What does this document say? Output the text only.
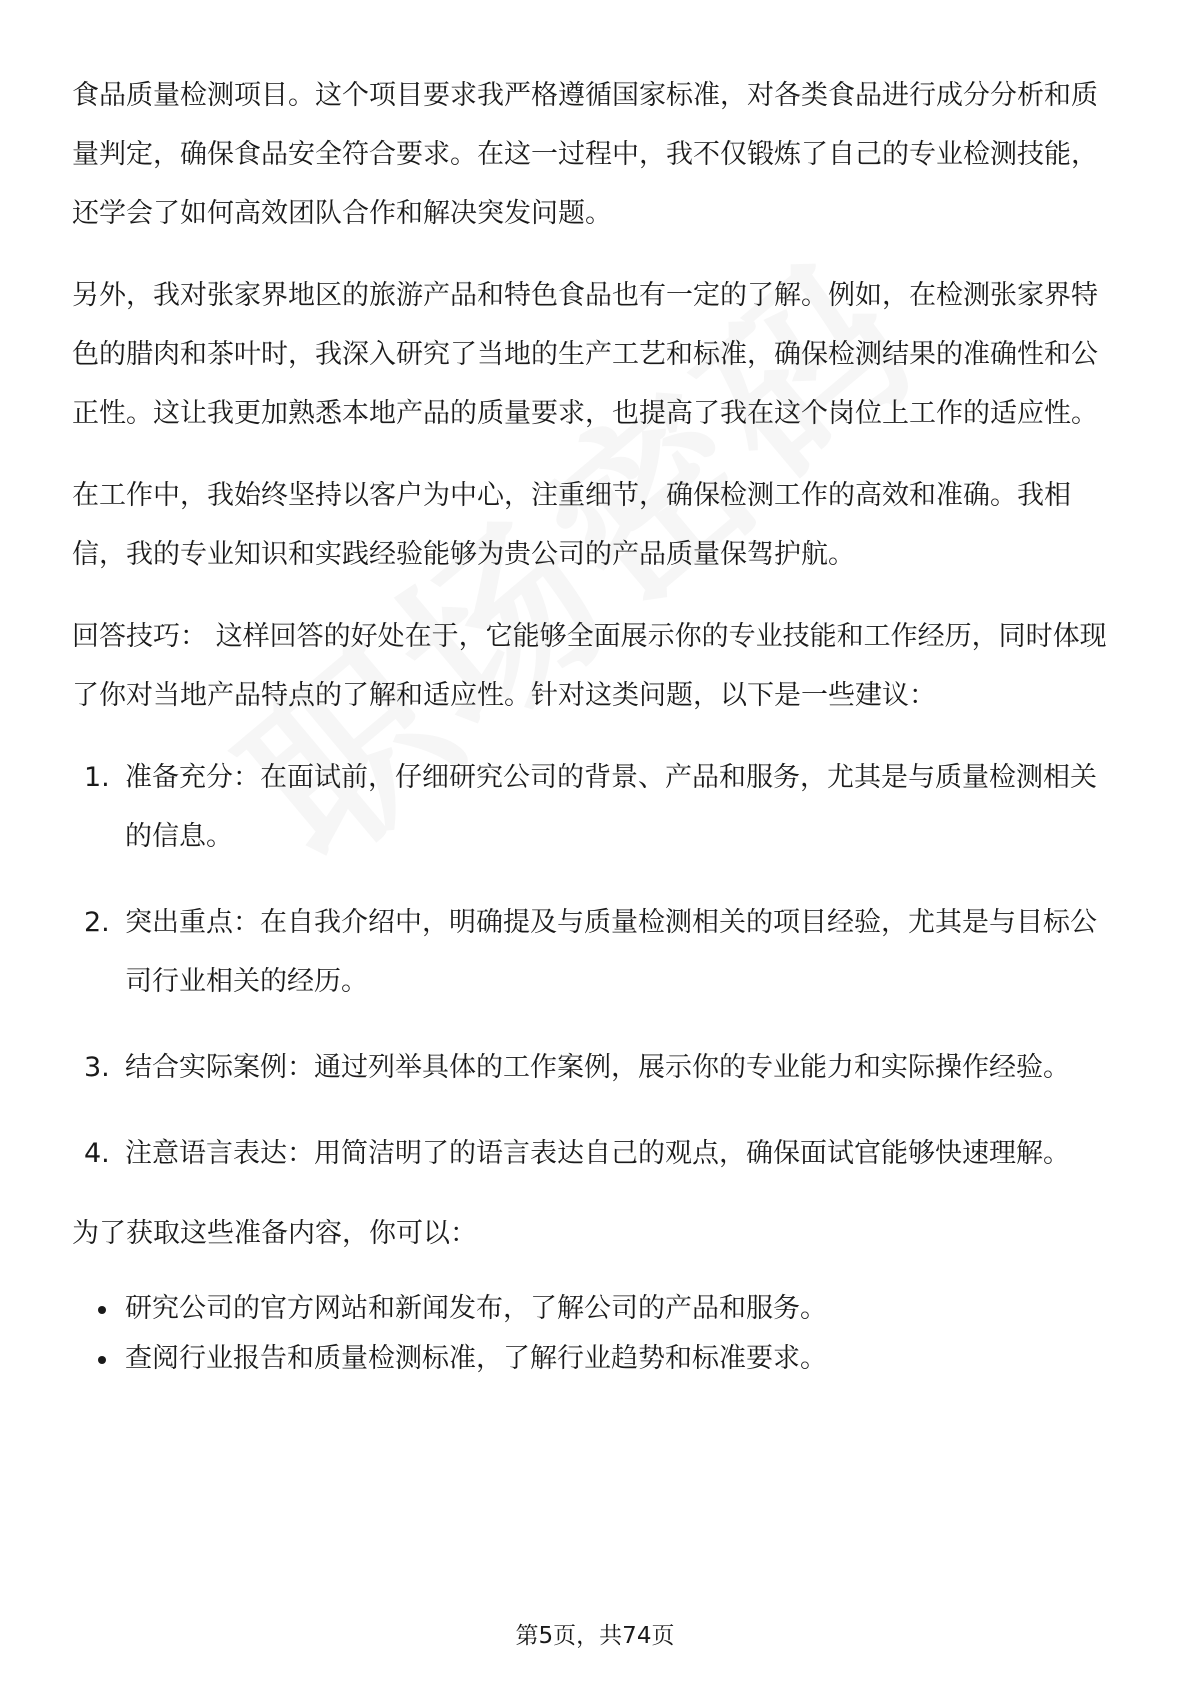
食品质量检测项目。这个项目要求我严格遵循国家标准，对各类食品进行成分分析和质量判定，确保食品安全符合要求。在这一过程中，我不仅锻炼了自己的专业检测技能，还学会了如何高效团队合作和解决突发问题。

另外，我对张家界地区的旅游产品和特色食品也有一定的了解。例如，在检测张家界特色的腊肉和茶叶时，我深入研究了当地的生产工艺和标准，确保检测结果的准确性和公正性。这让我更加熟悉本地产品的质量要求，也提高了我在这个岗位上工作的适应性。

在工作中，我始终坚持以客户为中心，注重细节，确保检测工作的高效和准确。我相信，我的专业知识和实践经验能够为贵公司的产品质量保驾护航。

回答技巧： 这样回答的好处在于，它能够全面展示你的专业技能和工作经历，同时体现了你对当地产品特点的了解和适应性。针对这类问题，以下是一些建议：

1. 准备充分：在面试前，仔细研究公司的背景、产品和服务，尤其是与质量检测相关的信息。
2. 突出重点：在自我介绍中，明确提及与质量检测相关的项目经验，尤其是与目标公司行业相关的经历。
3. 结合实际案例：通过列举具体的工作案例，展示你的专业能力和实际操作经验。
4. 注意语言表达：用简洁明了的语言表达自己的观点，确保面试官能够快速理解。

为了获取这些准备内容，你可以：

研究公司的官方网站和新闻发布，了解公司的产品和服务。
查阅行业报告和质量检测标准，了解行业趋势和标准要求。
第5页，共74页
